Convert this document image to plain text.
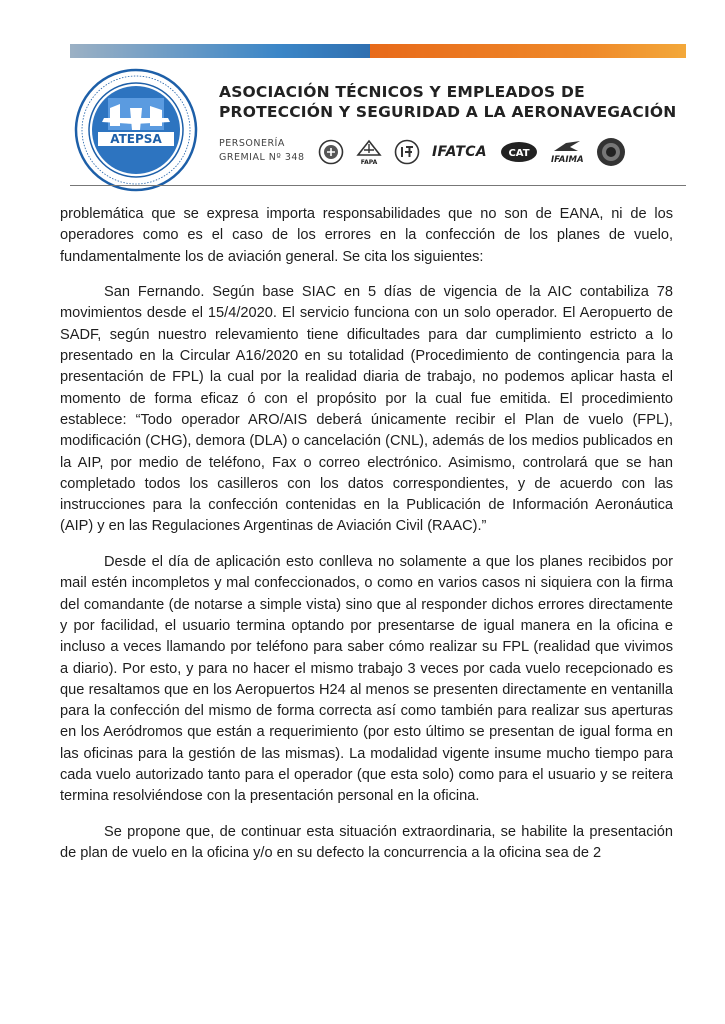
ATEPSA
ASOCIACIÓN TÉCNICOS Y EMPLEADOS DE
PROTECCIÓN Y SEGURIDAD A LA AERONAVEGACIÓN
PERSONERÍA
GREMIAL Nº 348	FAPA
IFATCA CAT
IFAIMA

problemática que se expresa importa responsabilidades que no son de EANA, ni de los operadores como es el caso de los errores en la confección de los planes de vuelo, fundamentalmente los de aviación general. Se cita los siguientes:

San Fernando. Según base SIAC en 5 días de vigencia de la AIC contabiliza 78 movimientos desde el 15/4/2020. El servicio funciona con un solo operador. El Aeropuerto de SADF, según nuestro relevamiento tiene dificultades para dar cumplimiento estricto a lo presentado en la Circular A16/2020 en su totalidad (Procedimiento de contingencia para la presentación de FPL) la cual por la realidad diaria de trabajo, no podemos aplicar hasta el momento de forma eficaz ó con el propósito por la cual fue emitida. El procedimiento establece: “Todo operador ARO/AIS deberá únicamente recibir el Plan de vuelo (FPL), modificación (CHG), demora (DLA) o cancelación (CNL), además de los medios publicados en la AIP, por medio de teléfono, Fax o correo electrónico. Asimismo, controlará que se han completado todos los casilleros con los datos correspondientes, y de acuerdo con las instrucciones para la confección contenidas en la Publicación de Información Aeronáutica (AIP) y en las Regulaciones Argentinas de Aviación Civil (RAAC).”

Desde el día de aplicación esto conlleva no solamente a que los planes recibidos por mail estén incompletos y mal confeccionados, o como en varios casos ni siquiera con la firma del comandante (de notarse a simple vista) sino que al responder dichos errores directamente y por facilidad, el usuario termina optando por presentarse de igual manera en la oficina e incluso a veces llamando por teléfono para saber cómo realizar su FPL (realidad que vivimos a diario). Por esto, y para no hacer el mismo trabajo 3 veces por cada vuelo recepcionado es que resaltamos que en los Aeropuertos H24 al menos se presenten directamente en ventanilla para la confección del mismo de forma correcta así como también para realizar sus aperturas en los Aeródromos que están a requerimiento (por esto último se presentan de igual forma en las oficinas para la gestión de las mismas). La modalidad vigente insume mucho tiempo para cada vuelo autorizado tanto para el operador (que esta solo) como para el usuario y se reitera termina resolviéndose con la presentación personal en la oficina.

Se propone que, de continuar esta situación extraordinaria, se habilite la presentación de plan de vuelo en la oficina y/o en su defecto la concurrencia a la oficina sea de 2
